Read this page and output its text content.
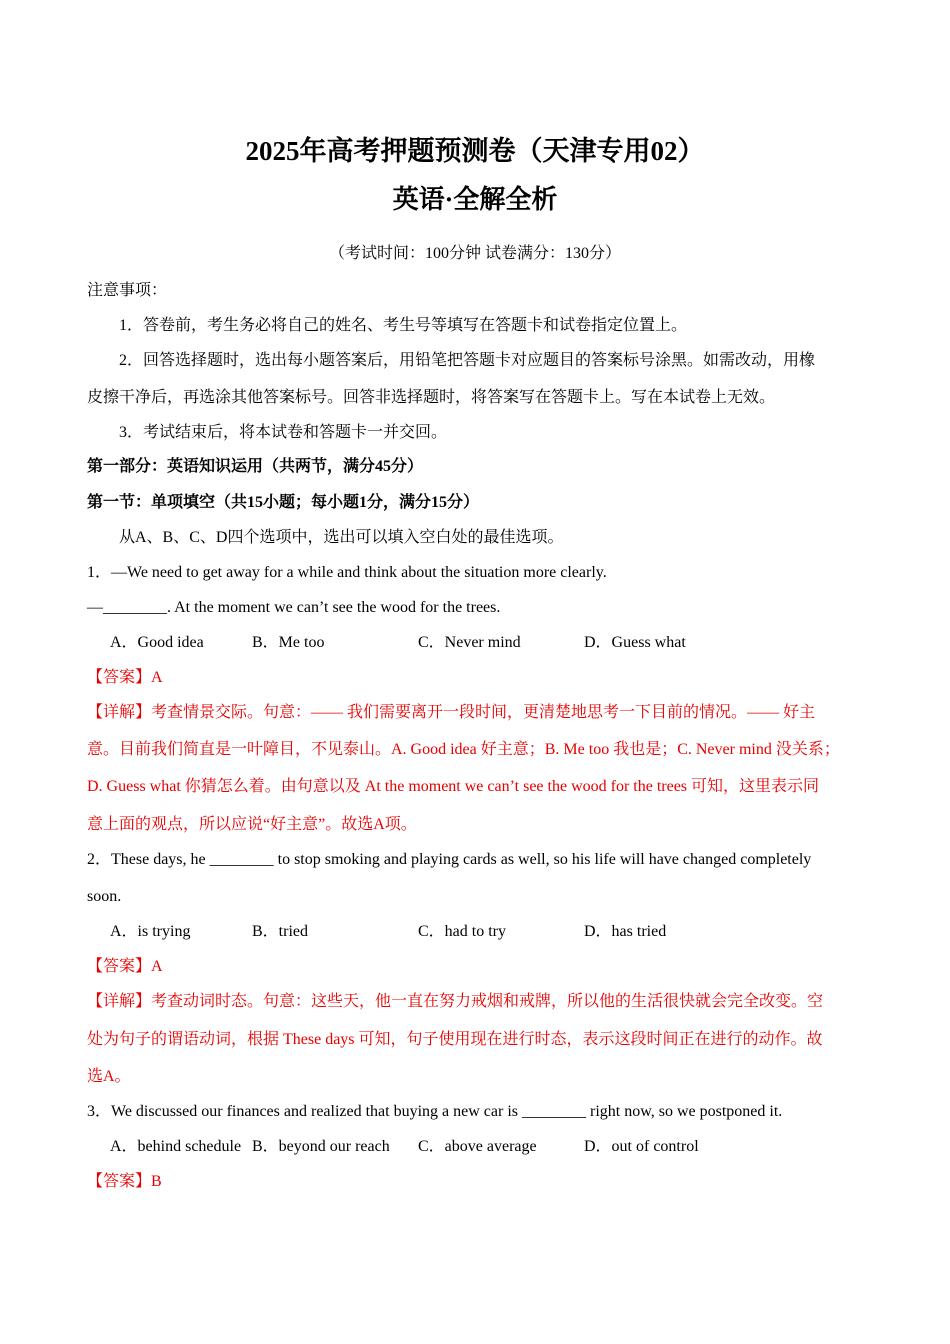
2025年高考押题预测卷（天津专用02）
英语·全解全析
（考试时间：100分钟 试卷满分：130分）
注意事项：
1．答卷前，考生务必将自己的姓名、考生号等填写在答题卡和试卷指定位置上。
2．回答选择题时，选出每小题答案后，用铅笔把答题卡对应题目的答案标号涂黑。如需改动，用橡
皮擦干净后，再选涂其他答案标号。回答非选择题时，将答案写在答题卡上。写在本试卷上无效。
3．考试结束后，将本试卷和答题卡一并交回。
第一部分：英语知识运用（共两节，满分45分）
第一节：单项填空（共15小题；每小题1分，满分15分）
从A、B、C、D四个选项中，选出可以填入空白处的最佳选项。
1．—We need to get away for a while and think about the situation more clearly.
—________. At the moment we can’t see the wood for the trees.
A．Good idea	B．Me too	C．Never mind	D．Guess what
【答案】A
【详解】考查情景交际。句意：—— 我们需要离开一段时间，更清楚地思考一下目前的情况。—— 好主
意。目前我们简直是一叶障目，不见泰山。A. Good idea 好主意；B. Me too 我也是；C. Never mind 没关系；
D. Guess what 你猜怎么着。由句意以及 At the moment we can’t see the wood for the trees 可知，这里表示同
意上面的观点，所以应说“好主意”。故选A项。
2．These days, he ________ to stop smoking and playing cards as well, so his life will have changed completely
soon.
A．is trying	B．tried	C．had to try	D．has tried
【答案】A
【详解】考查动词时态。句意：这些天，他一直在努力戒烟和戒牌，所以他的生活很快就会完全改变。空
处为句子的谓语动词，根据 These days 可知，句子使用现在进行时态，表示这段时间正在进行的动作。故
选A。
3．We discussed our finances and realized that buying a new car is ________ right now, so we postponed it.
A．behind schedule B．beyond our reach C．above average	D．out of control
【答案】B
